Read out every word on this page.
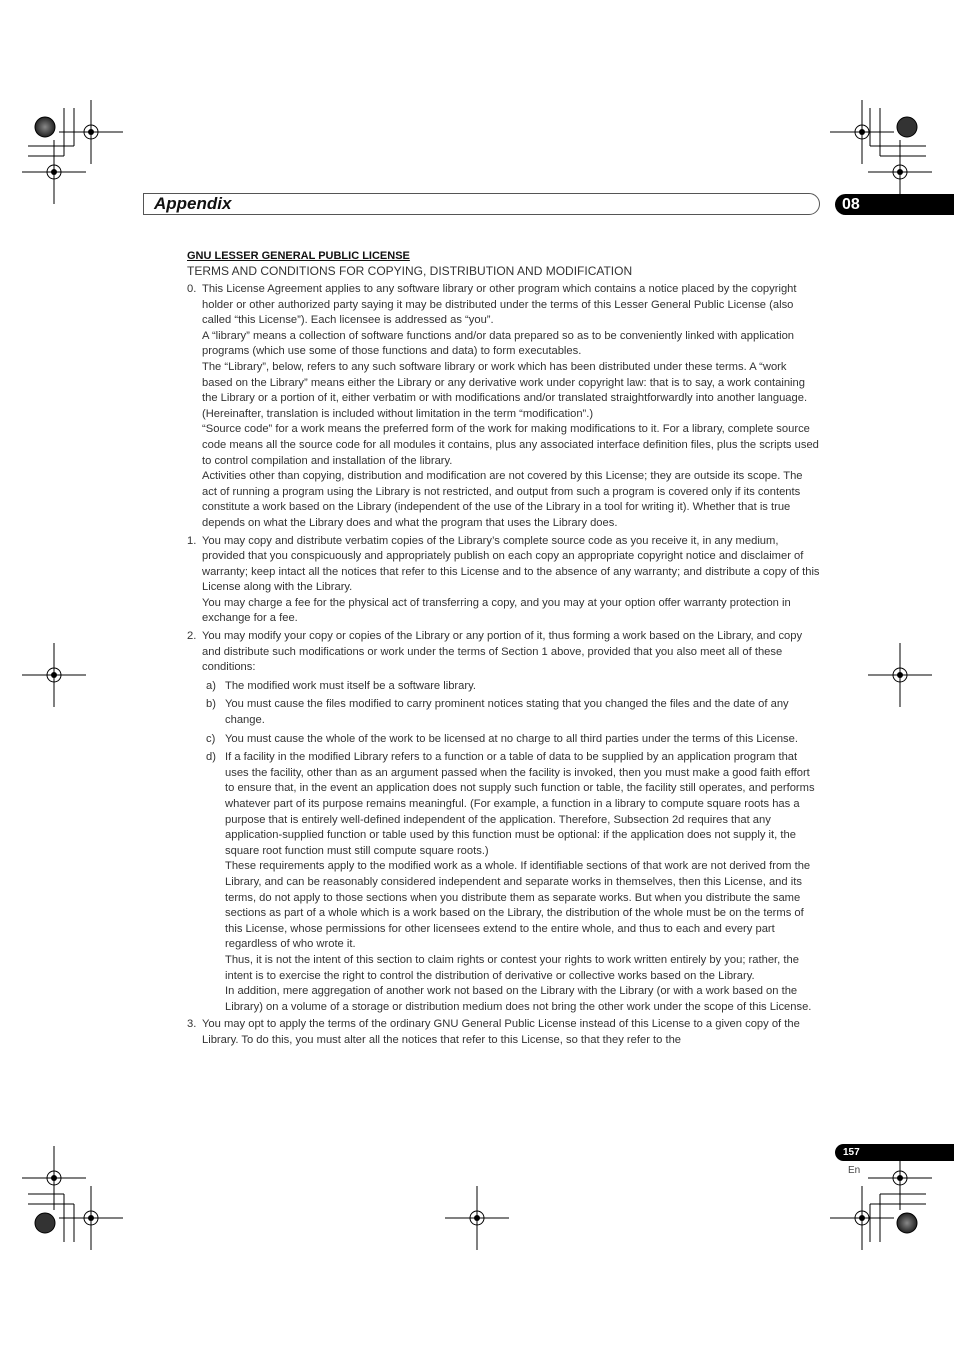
Appendix	08

GNU LESSER GENERAL PUBLIC LICENSE

TERMS AND CONDITIONS FOR COPYING, DISTRIBUTION AND MODIFICATION

0. This License Agreement applies to any software library or other program which contains a notice placed by the copyright holder or other authorized party saying it may be distributed under the terms of this Lesser General Public License (also called “this License”). Each licensee is addressed as “you”.

A “library” means a collection of software functions and/or data prepared so as to be conveniently linked with application programs (which use some of those functions and data) to form executables.

The “Library”, below, refers to any such software library or work which has been distributed under these terms. A “work based on the Library” means either the Library or any derivative work under copyright law: that is to say, a work containing the Library or a portion of it, either verbatim or with modifications and/or translated straightforwardly into another language. (Hereinafter, translation is included without limitation in the term “modification”.)

“Source code” for a work means the preferred form of the work for making modifications to it. For a library, complete source code means all the source code for all modules it contains, plus any associated interface definition files, plus the scripts used to control compilation and installation of the library.

Activities other than copying, distribution and modification are not covered by this License; they are outside its scope. The act of running a program using the Library is not restricted, and output from such a program is covered only if its contents constitute a work based on the Library (independent of the use of the Library in a tool for writing it). Whether that is true depends on what the Library does and what the program that uses the Library does.

1. You may copy and distribute verbatim copies of the Library’s complete source code as you receive it, in any medium, provided that you conspicuously and appropriately publish on each copy an appropriate copyright notice and disclaimer of warranty; keep intact all the notices that refer to this License and to the absence of any warranty; and distribute a copy of this License along with the Library.

You may charge a fee for the physical act of transferring a copy, and you may at your option offer warranty protection in exchange for a fee.

2. You may modify your copy or copies of the Library or any portion of it, thus forming a work based on the Library, and copy and distribute such modifications or work under the terms of Section 1 above, provided that you also meet all of these conditions:

a) The modified work must itself be a software library.

b) You must cause the files modified to carry prominent notices stating that you changed the files and the date of any change.

c) You must cause the whole of the work to be licensed at no charge to all third parties under the terms of this License.

d) If a facility in the modified Library refers to a function or a table of data to be supplied by an application program that uses the facility, other than as an argument passed when the facility is invoked, then you must make a good faith effort to ensure that, in the event an application does not supply such function or table, the facility still operates, and performs whatever part of its purpose remains meaningful. (For example, a function in a library to compute square roots has a purpose that is entirely well-defined independent of the application. Therefore, Subsection 2d requires that any application-supplied function or table used by this function must be optional: if the application does not supply it, the square root function must still compute square roots.)

These requirements apply to the modified work as a whole. If identifiable sections of that work are not derived from the Library, and can be reasonably considered independent and separate works in themselves, then this License, and its terms, do not apply to those sections when you distribute them as separate works. But when you distribute the same sections as part of a whole which is a work based on the Library, the distribution of the whole must be on the terms of this License, whose permissions for other licensees extend to the entire whole, and thus to each and every part regardless of who wrote it.

Thus, it is not the intent of this section to claim rights or contest your rights to work written entirely by you; rather, the intent is to exercise the right to control the distribution of derivative or collective works based on the Library.

In addition, mere aggregation of another work not based on the Library with the Library (or with a work based on the Library) on a volume of a storage or distribution medium does not bring the other work under the scope of this License.

3. You may opt to apply the terms of the ordinary GNU General Public License instead of this License to a given copy of the Library. To do this, you must alter all the notices that refer to this License, so that they refer to the

157
En
